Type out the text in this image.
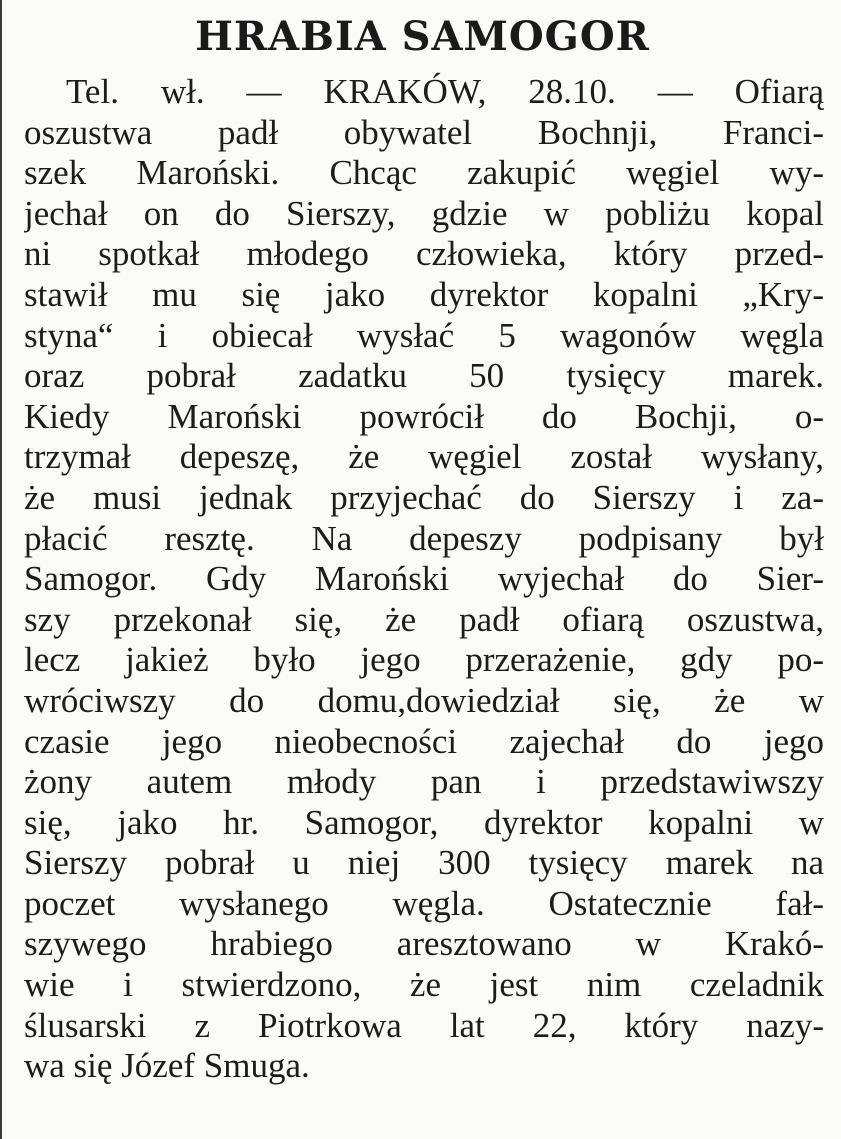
HRABIA SAMOGOR
Tel. wł. — KRAKÓW, 28.10. — Ofiarą
oszustwa padł obywatel Bochnji, Franci-
szek Maroński. Chcąc zakupić węgiel wy-
jechał on do Sierszy, gdzie w pobliżu kopal
ni spotkał młodego człowieka, który przed-
stawił mu się jako dyrektor kopalni „Kry-
styna“ i obiecał wysłać 5 wagonów węgla
oraz pobrał zadatku 50 tysięcy marek.
Kiedy Maroński powrócił do Bochji, o-
trzymał depeszę, że węgiel został wysłany,
że musi jednak przyjechać do Sierszy i za-
płacić resztę. Na depeszy podpisany był
Samogor. Gdy Maroński wyjechał do Sier-
szy przekonał się, że padł ofiarą oszustwa,
lecz jakież było jego przerażenie, gdy po-
wróciwszy do domu,dowiedział się, że w
czasie jego nieobecności zajechał do jego
żony autem młody pan i przedstawiwszy
się, jako hr. Samogor, dyrektor kopalni w
Sierszy pobrał u niej 300 tysięcy marek na
poczet wysłanego węgla. Ostatecznie fał-
szywego hrabiego aresztowano w Krakó-
wie i stwierdzono, że jest nim czeladnik
ślusarski z Piotrkowa lat 22, który nazy-
wa się Józef Smuga.
